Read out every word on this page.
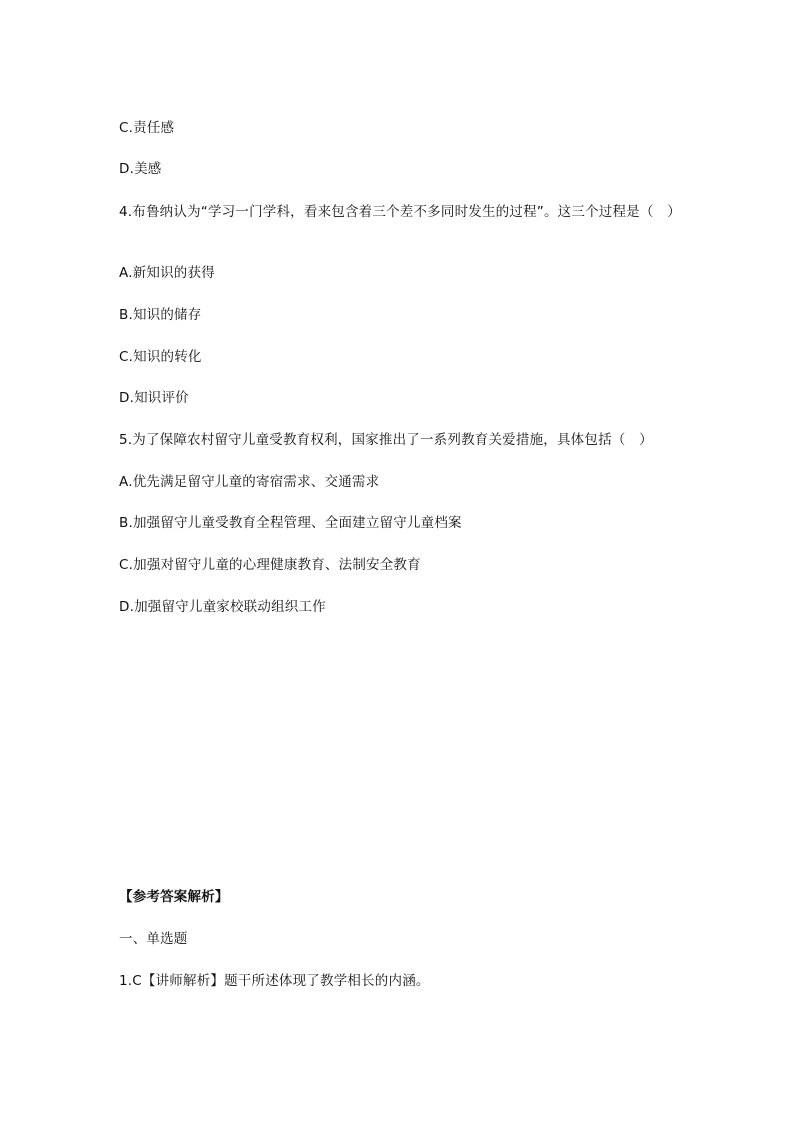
C.责任感
D.美感
4.布鲁纳认为“学习一门学科，看来包含着三个差不多同时发生的过程”。这三个过程是（　）
A.新知识的获得
B.知识的储存
C.知识的转化
D.知识评价
5.为了保障农村留守儿童受教育权利，国家推出了一系列教育关爱措施，具体包括（　）
A.优先满足留守儿童的寄宿需求、交通需求
B.加强留守儿童受教育全程管理、全面建立留守儿童档案
C.加强对留守儿童的心理健康教育、法制安全教育
D.加强留守儿童家校联动组织工作
【参考答案解析】
一、单选题
1.C【讲师解析】题干所述体现了教学相长的内涵。
